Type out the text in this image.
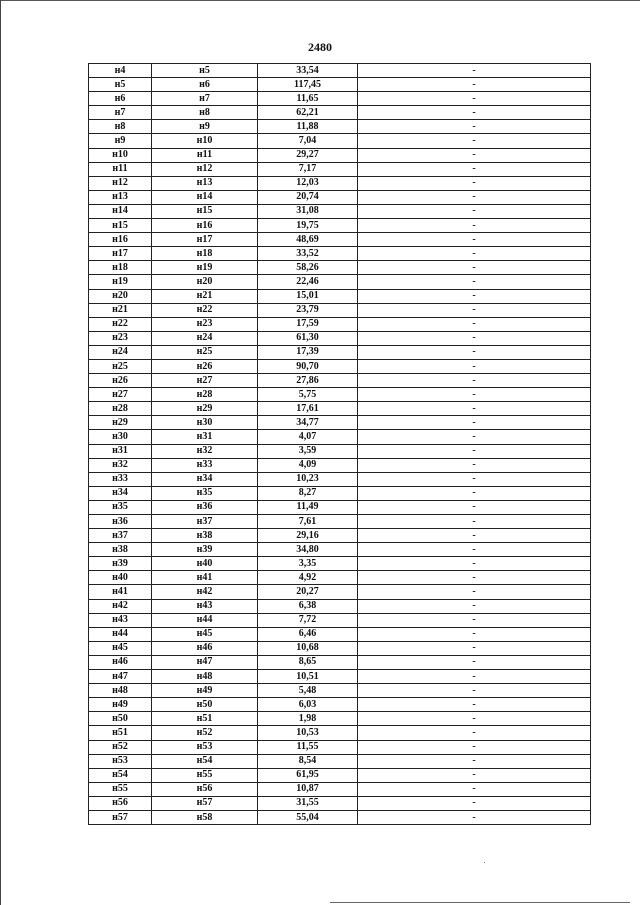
2480
н4	н5	33,54	-
н5	н6	117,45	-
н6	н7	11,65	-
н7	н8	62,21	-
н8	н9	11,88	-
н9	н10	7,04	-
н10	н11	29,27	-
н11	н12	7,17	-
н12	н13	12,03	-
н13	н14	20,74	-
н14	н15	31,08	-
н15	н16	19,75	-
н16	н17	48,69	-
н17	н18	33,52	-
н18	н19	58,26	-
н19	н20	22,46	-
н20	н21	15,01	-
н21	н22	23,79	-
н22	н23	17,59	-
н23	н24	61,30	-
н24	н25	17,39	-
н25	н26	90,70	-
н26	н27	27,86	-
н27	н28	5,75	-
н28	н29	17,61	-
н29	н30	34,77	-
н30	н31	4,07	-
н31	н32	3,59	-
н32	н33	4,09	-
н33	н34	10,23	-
н34	н35	8,27	-
н35	н36	11,49	-
н36	н37	7,61	-
н37	н38	29,16	-
н38	н39	34,80	-
н39	н40	3,35	-
н40	н41	4,92	-
н41	н42	20,27	-
н42	н43	6,38	-
н43	н44	7,72	-
н44	н45	6,46	-
н45	н46	10,68	-
н46	н47	8,65	-
н47	н48	10,51	-
н48	н49	5,48	-
н49	н50	6,03	-
н50	н51	1,98	-
н51	н52	10,53	-
н52	н53	11,55	-
н53	н54	8,54	-
н54	н55	61,95	-
н55	н56	10,87	-
н56	н57	31,55	-
н57	н58	55,04	-
